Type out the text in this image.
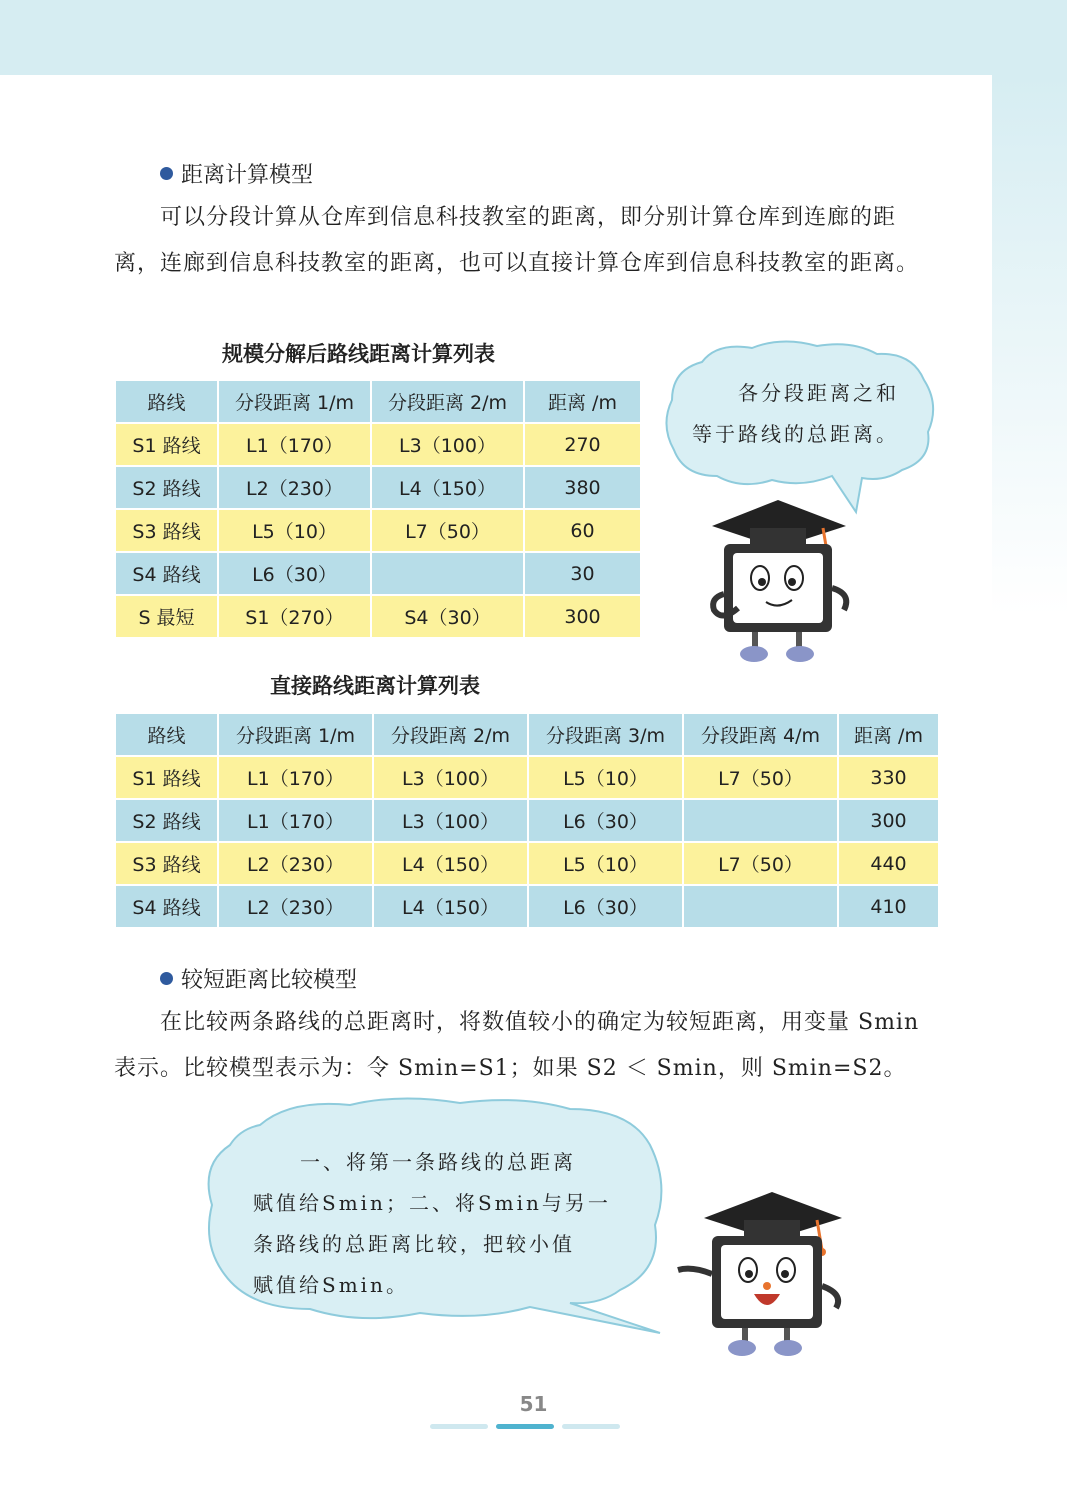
距离计算模型
可以分段计算从仓库到信息科技教室的距离，即分别计算仓库到连廊的距离，连廊到信息科技教室的距离，也可以直接计算仓库到信息科技教室的距离。
规模分解后路线距离计算列表
路线	分段距离 1/m	分段距离 2/m	距离 /m
S1 路线	L1（170）	L3（100）	270
S2 路线	L2（230）	L4（150）	380
S3 路线	L5（10）	L7（50）	60
S4 路线	L6（30）		30
S 最短	S1（270）	S4（30）	300
各分段距离之和
等于路线的总距离。
直接路线距离计算列表
路线	分段距离 1/m	分段距离 2/m	分段距离 3/m	分段距离 4/m	距离 /m
S1 路线	L1（170）	L3（100）	L5（10）	L7（50）	330
S2 路线	L1（170）	L3（100）	L6（30）		300
S3 路线	L2（230）	L4（150）	L5（10）	L7（50）	440
S4 路线	L2（230）	L4（150）	L6（30）		410
较短距离比较模型
在比较两条路线的总距离时，将数值较小的确定为较短距离，用变量 Smin 表示。比较模型表示为：令 Smin=S1；如果 S2 ＜ Smin，则 Smin=S2。
一、将第一条路线的总距离
赋值给Smin；二、将Smin与另一
条路线的总距离比较，把较小值
赋值给Smin。
51
